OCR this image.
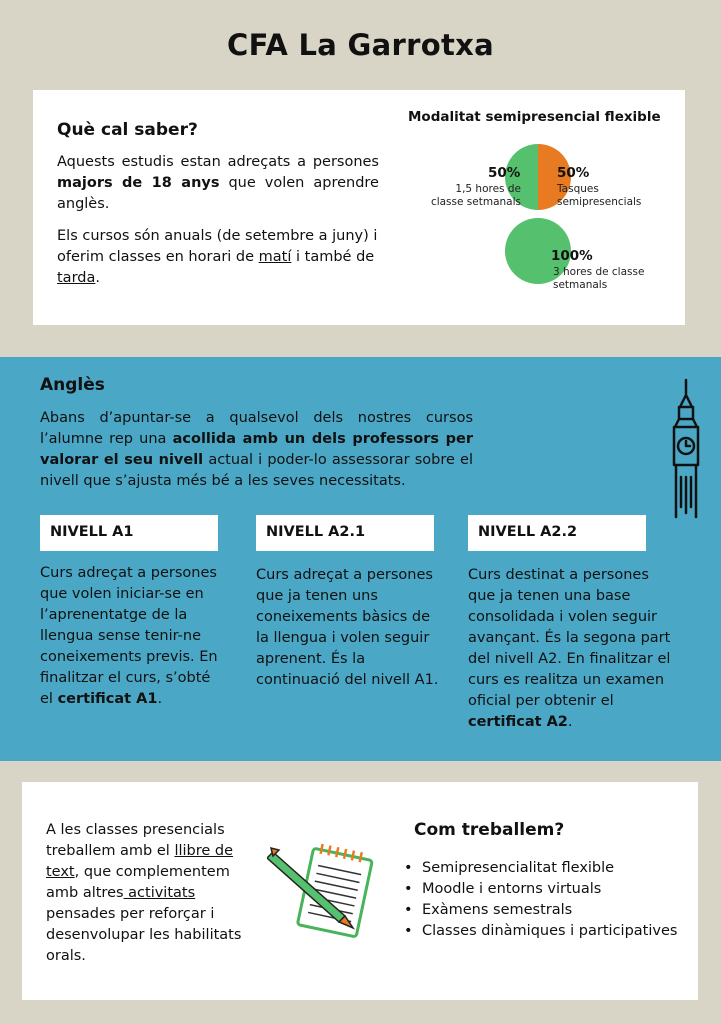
CFA La Garrotxa
Què cal saber?

Aquests estudis estan adreçats a persones majors de 18 anys que volen aprendre anglès.

Els cursos són anuals (de setembre a juny) i oferim classes en horari de matí i també de tarda.

Modalitat semipresencial flexible
50%
1,5 hores de classe setmanals
50%
Tasques semipresencials
100%
3 hores de classe setmanals
Anglès

Abans d’apuntar-se a qualsevol dels nostres cursos l’alumne rep una acollida amb un dels professors per valorar el seu nivell actual i poder-lo assessorar sobre el nivell que s’ajusta més bé a les seves necessitats.

NIVELL A1	NIVELL A2.1	NIVELL A2.2

Curs adreçat a persones que volen iniciar-se en l’aprenentatge de la llengua sense tenir-ne coneixements previs. En finalitzar el curs, s’obté el certificat A1.

Curs adreçat a persones que ja tenen uns coneixements bàsics de la llengua i volen seguir aprenent. És la continuació del nivell A1.

Curs destinat a persones que ja tenen una base consolidada i volen seguir avançant. És la segona part del nivell A2. En finalitzar el curs es realitza un examen oficial per obtenir el certificat A2.

A les classes presencials treballem amb el llibre de text, que complementem amb altres activitats pensades per reforçar i desenvolupar les habilitats orals.

Com treballem?
• Semipresencialitat flexible
• Moodle i entorns virtuals
• Exàmens semestrals
• Classes dinàmiques i participatives
